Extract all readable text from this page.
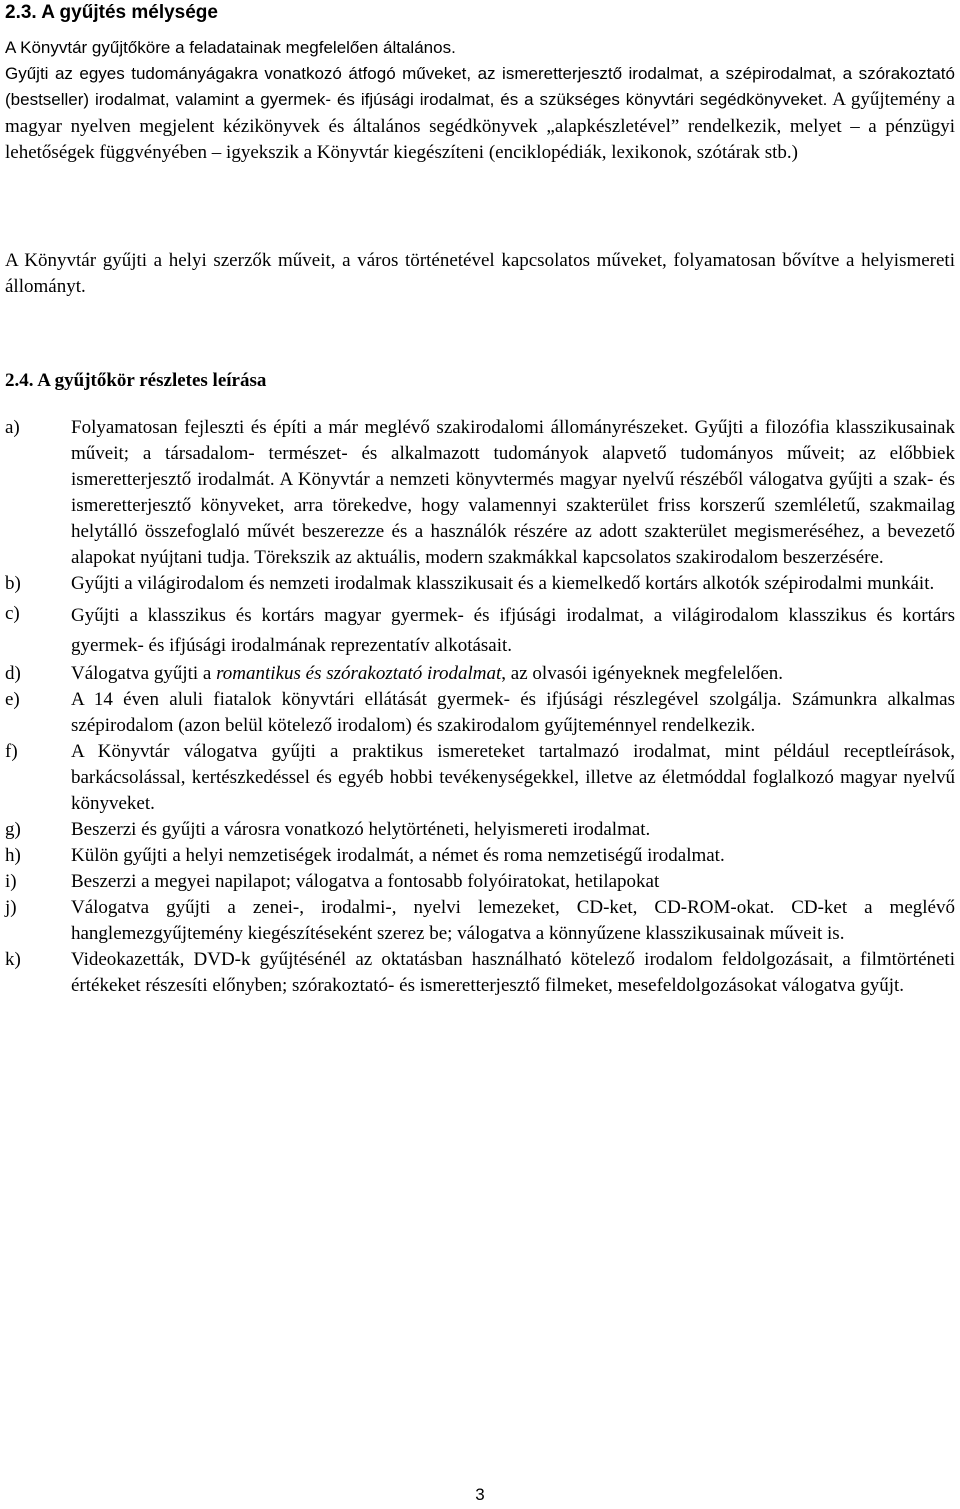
2.3. A gyűjtés mélysége
A Könyvtár gyűjtőköre a feladatainak megfelelően általános.

Gyűjti az egyes tudományágakra vonatkozó átfogó műveket, az ismeretterjesztő irodalmat, a szépirodalmat, a szórakoztató (bestseller) irodalmat, valamint a gyermek- és ifjúsági irodalmat, és a szükséges könyvtári segédkönyveket. A gyűjtemény a magyar nyelven megjelent kézikönyvek és általános segédkönyvek „alapkészletével” rendelkezik, melyet – a pénzügyi lehetőségek függvényében – igyekszik a Könyvtár kiegészíteni (enciklopédiák, lexikonok, szótárak stb.)

A Könyvtár gyűjti a helyi szerzők műveit, a város történetével kapcsolatos műveket, folyamatosan bővítve a helyismereti állományt.

2.4. A gyűjtőkör részletes leírása
a)	Folyamatosan fejleszti és építi a már meglévő szakirodalomi állományrészeket. Gyűjti a filozófia klasszikusainak műveit; a társadalom- természet- és alkalmazott tudományok alapvető tudományos műveit; az előbbiek ismeretterjesztő irodalmát. A Könyvtár a nemzeti könyvtermés magyar nyelvű részéből válogatva gyűjti a szak- és ismeretterjesztő könyveket, arra törekedve, hogy valamennyi szakterület friss korszerű szemléletű, szakmailag helytálló összefoglaló művét beszerezze és a használók részére az adott szakterület megismeréséhez, a bevezető alapokat nyújtani tudja. Törekszik az aktuális, modern szakmákkal kapcsolatos szakirodalom beszerzésére.
b)	Gyűjti a világirodalom és nemzeti irodalmak klasszikusait és a kiemelkedő kortárs alkotók szépirodalmi munkáit.
c)	Gyűjti a klasszikus és kortárs magyar gyermek- és ifjúsági irodalmat, a világirodalom klasszikus és kortárs gyermek- és ifjúsági irodalmának reprezentatív alkotásait.
d)	Válogatva gyűjti a romantikus és szórakoztató irodalmat, az olvasói igényeknek megfelelően.
e)	A 14 éven aluli fiatalok könyvtári ellátását gyermek- és ifjúsági részlegével szolgálja. Számunkra alkalmas szépirodalom (azon belül kötelező irodalom) és szakirodalom gyűjteménnyel rendelkezik.
f)	A Könyvtár válogatva gyűjti a praktikus ismereteket tartalmazó irodalmat, mint például receptleírások, barkácsolással, kertészkedéssel és egyéb hobbi tevékenységekkel, illetve az életmóddal foglalkozó magyar nyelvű könyveket.
g)	Beszerzi és gyűjti a városra vonatkozó helytörténeti, helyismereti irodalmat.
h)	Külön gyűjti a helyi nemzetiségek irodalmát, a német és roma nemzetiségű irodalmat.
i)	Beszerzi a megyei napilapot; válogatva a fontosabb folyóiratokat, hetilapokat
j)	Válogatva gyűjti a zenei-, irodalmi-, nyelvi lemezeket, CD-ket, CD-ROM-okat. CD-ket a meglévő hanglemezgyűjtemény kiegészítéseként szerez be; válogatva a könnyűzene klasszikusainak műveit is.
k)	Videokazetták, DVD-k gyűjtésénél az oktatásban használható kötelező irodalom feldolgozásait, a filmtörténeti értékeket részesíti előnyben; szórakoztató- és ismeretterjesztő filmeket, mesefeldolgozásokat válogatva gyűjt.
3
